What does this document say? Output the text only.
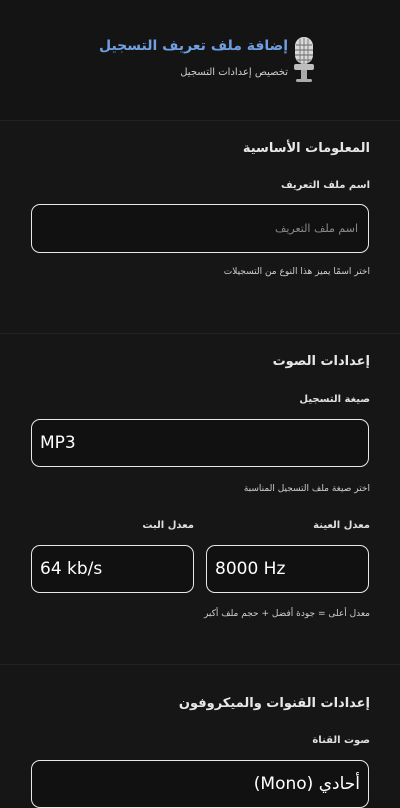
إضافة ملف تعريف التسجيل
تخصيص إعدادات التسجيل
المعلومات الأساسية
اسم ملف التعريف
اسم ملف التعريف
اختر اسمًا يميز هذا النوع من التسجيلات
إعدادات الصوت
صيغة التسجيل
MP3
اختر صيغة ملف التسجيل المناسبة
معدل العينة
معدل البت
8000 Hz
64 kb/s
معدل أعلى = جودة أفضل + حجم ملف أكبر
إعدادات القنوات والميكروفون
صوت القناة
أحادي (Mono)
